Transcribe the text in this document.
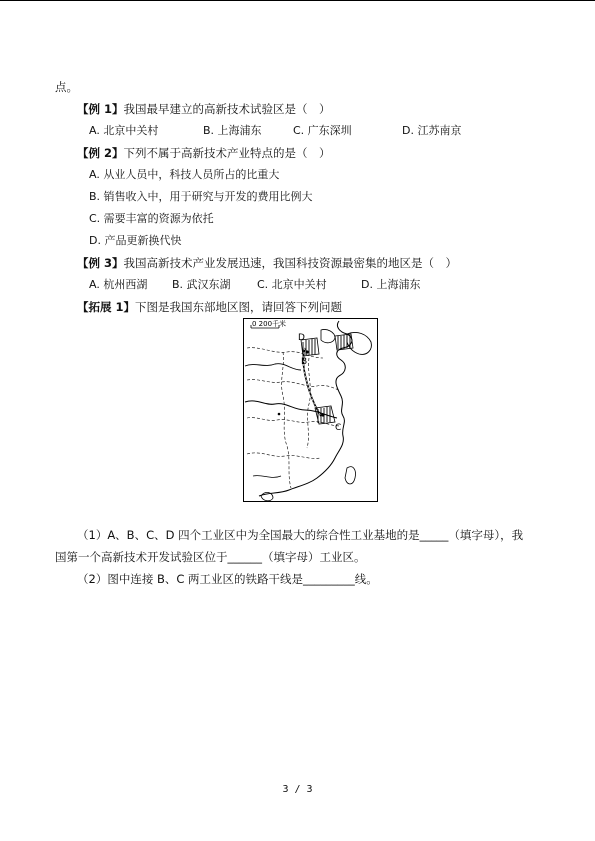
点。
【例 1】我国最早建立的高新技术试验区是（　）
A. 北京中关村	B. 上海浦东	C. 广东深圳	D. 江苏南京
【例 2】下列不属于高新技术产业特点的是（　）
A. 从业人员中，科技人员所占的比重大
B. 销售收入中，用于研究与开发的费用比例大
C. 需要丰富的资源为依托
D. 产品更新换代快
【例 3】我国高新技术产业发展迅速，我国科技资源最密集的地区是（　）
A. 杭州西湖 B. 武汉东湖 C. 北京中关村	D. 上海浦东
【拓展 1】下图是我国东部地区图，请回答下列问题
0 200千米
D
B
C
（1）A、B、C、D 四个工业区中为全国最大的综合性工业基地的是_____（填字母），我
国第一个高新技术开发试验区位于______（填字母）工业区。
（2）图中连接 B、C 两工业区的铁路干线是_________线。
3 / 3
